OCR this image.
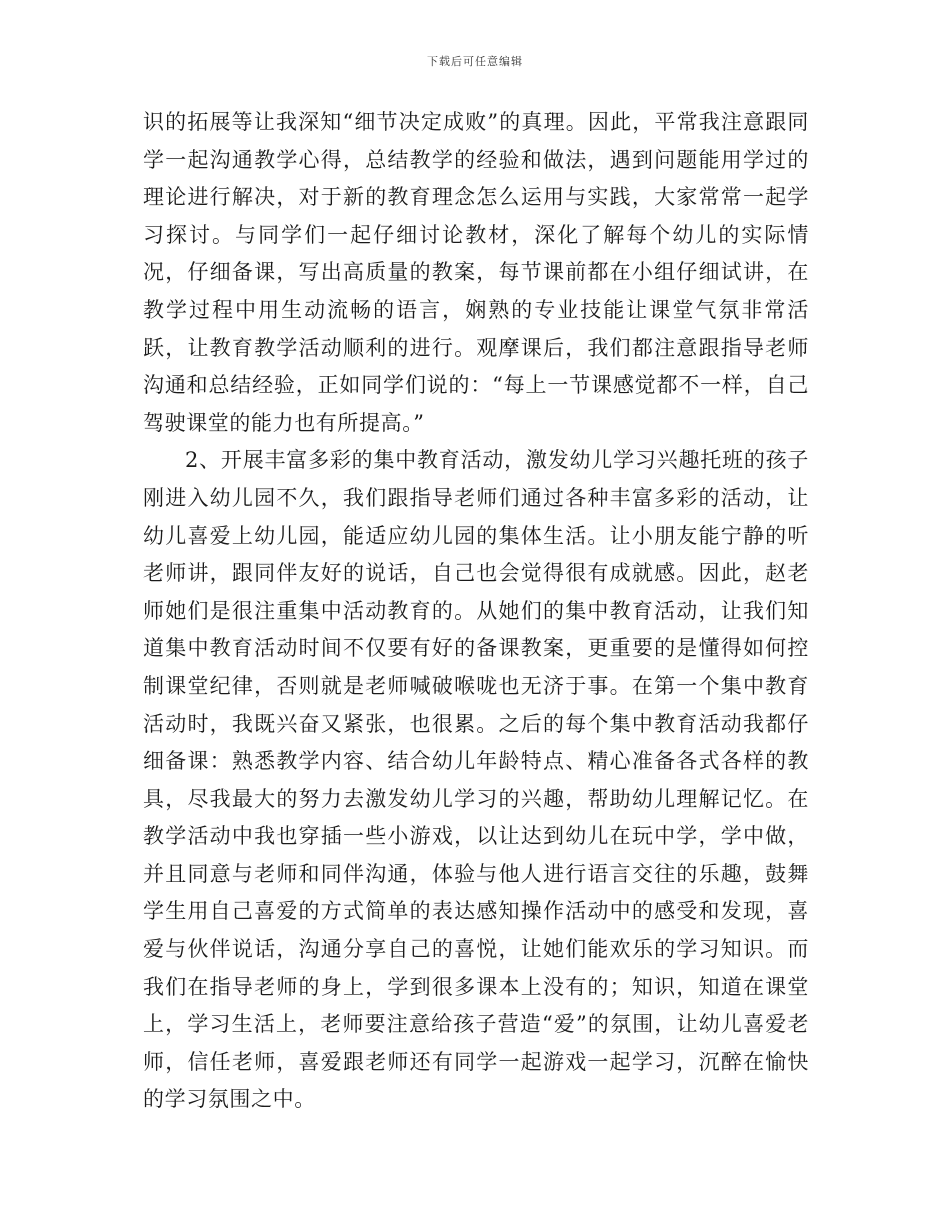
下载后可任意编辑

识的拓展等让我深知“细节决定成败”的真理。因此，平常我注意跟同学一起沟通教学心得，总结教学的经验和做法，遇到问题能用学过的理论进行解决，对于新的教育理念怎么运用与实践，大家常常一起学习探讨。与同学们一起仔细讨论教材，深化了解每个幼儿的实际情况，仔细备课，写出高质量的教案，每节课前都在小组仔细试讲，在教学过程中用生动流畅的语言，娴熟的专业技能让课堂气氛非常活跃，让教育教学活动顺利的进行。观摩课后，我们都注意跟指导老师沟通和总结经验，正如同学们说的：“每上一节课感觉都不一样，自己驾驶课堂的能力也有所提高。”

2、开展丰富多彩的集中教育活动，激发幼儿学习兴趣托班的孩子刚进入幼儿园不久，我们跟指导老师们通过各种丰富多彩的活动，让幼儿喜爱上幼儿园，能适应幼儿园的集体生活。让小朋友能宁静的听老师讲，跟同伴友好的说话，自己也会觉得很有成就感。因此，赵老师她们是很注重集中活动教育的。从她们的集中教育活动，让我们知道集中教育活动时间不仅要有好的备课教案，更重要的是懂得如何控制课堂纪律，否则就是老师喊破喉咙也无济于事。在第一个集中教育活动时，我既兴奋又紧张，也很累。之后的每个集中教育活动我都仔细备课：熟悉教学内容、结合幼儿年龄特点、精心准备各式各样的教具，尽我最大的努力去激发幼儿学习的兴趣，帮助幼儿理解记忆。在教学活动中我也穿插一些小游戏，以让达到幼儿在玩中学，学中做，并且同意与老师和同伴沟通，体验与他人进行语言交往的乐趣，鼓舞学生用自己喜爱的方式简单的表达感知操作活动中的感受和发现，喜爱与伙伴说话，沟通分享自己的喜悦，让她们能欢乐的学习知识。而我们在指导老师的身上，学到很多课本上没有的；知识，知道在课堂上，学习生活上，老师要注意给孩子营造“爱”的氛围，让幼儿喜爱老师，信任老师，喜爱跟老师还有同学一起游戏一起学习，沉醉在愉快的学习氛围之中。
